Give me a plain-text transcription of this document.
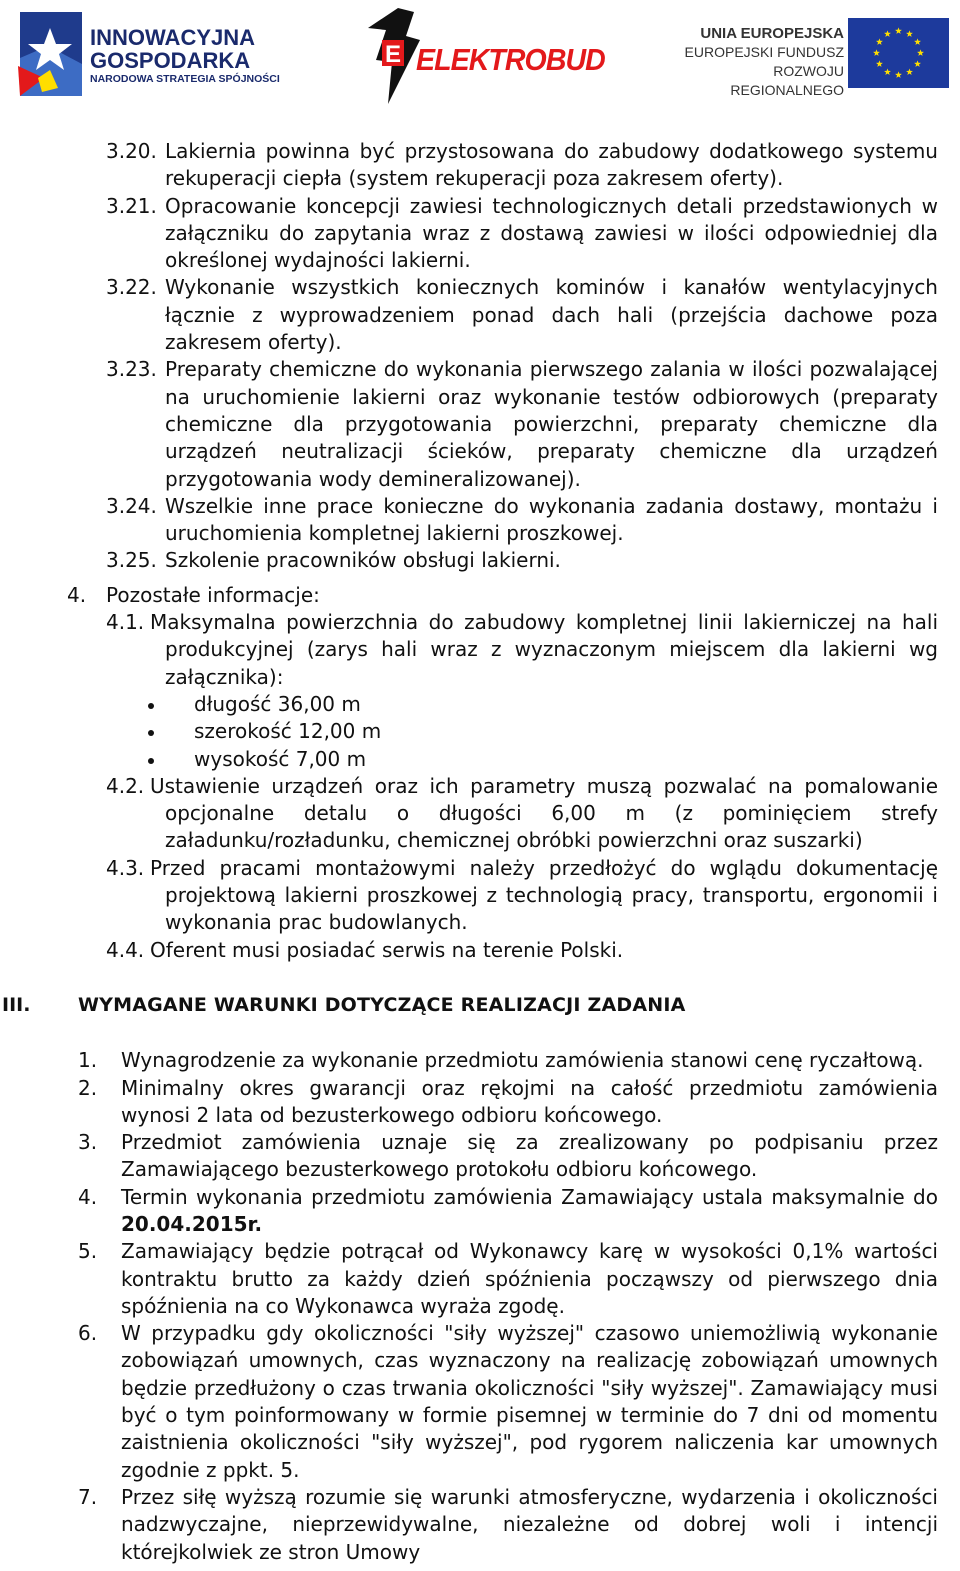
INNOWACYJNA
GOSPODARKA
NARODOWA STRATEGIA SPÓJNOŚCI
E ELEKTROBUD
UNIA EUROPEJSKA
EUROPEJSKI FUNDUSZ
ROZWOJU REGIONALNEGO
3.20. Lakiernia powinna być przystosowana do zabudowy dodatkowego systemu rekuperacji ciepła (system rekuperacji poza zakresem oferty).
3.21. Opracowanie koncepcji zawiesi technologicznych detali przedstawionych w załączniku do zapytania wraz z dostawą zawiesi w ilości odpowiedniej dla określonej wydajności lakierni.
3.22. Wykonanie wszystkich koniecznych kominów i kanałów wentylacyjnych łącznie z wyprowadzeniem ponad dach hali (przejścia dachowe poza zakresem oferty).
3.23. Preparaty chemiczne do wykonania pierwszego zalania w ilości pozwalającej na uruchomienie lakierni oraz wykonanie testów odbiorowych (preparaty chemiczne dla przygotowania powierzchni, preparaty chemiczne dla urządzeń neutralizacji ścieków, preparaty chemiczne dla urządzeń przygotowania wody demineralizowanej).
3.24. Wszelkie inne prace konieczne do wykonania zadania dostawy, montażu i uruchomienia kompletnej lakierni proszkowej.
3.25. Szkolenie pracowników obsługi lakierni.
4. Pozostałe informacje:
4.1. Maksymalna powierzchnia do zabudowy kompletnej linii lakierniczej na hali produkcyjnej (zarys hali wraz z wyznaczonym miejscem dla lakierni wg załącznika):
długość 36,00 m
szerokość 12,00 m
wysokość 7,00 m
4.2. Ustawienie urządzeń oraz ich parametry muszą pozwalać na pomalowanie opcjonalne detalu o długości 6,00 m (z pominięciem strefy załadunku/rozładunku, chemicznej obróbki powierzchni oraz suszarki)
4.3. Przed pracami montażowymi należy przedłożyć do wglądu dokumentację projektową lakierni proszkowej z technologią pracy, transportu, ergonomii i wykonania prac budowlanych.
4.4. Oferent musi posiadać serwis na terenie Polski.
III.	WYMAGANE WARUNKI DOTYCZĄCE REALIZACJI ZADANIA
1. Wynagrodzenie za wykonanie przedmiotu zamówienia stanowi cenę ryczałtową.
2. Minimalny okres gwarancji oraz rękojmi na całość przedmiotu zamówienia wynosi 2 lata od bezusterkowego odbioru końcowego.
3. Przedmiot zamówienia uznaje się za zrealizowany po podpisaniu przez Zamawiającego bezusterkowego protokołu odbioru końcowego.
4. Termin wykonania przedmiotu zamówienia Zamawiający ustala maksymalnie do 20.04.2015r.
5. Zamawiający będzie potrącał od Wykonawcy karę w wysokości 0,1% wartości kontraktu brutto za każdy dzień spóźnienia począwszy od pierwszego dnia spóźnienia na co Wykonawca wyraża zgodę.
6. W przypadku gdy okoliczności "siły wyższej" czasowo uniemożliwią wykonanie zobowiązań umownych, czas wyznaczony na realizację zobowiązań umownych będzie przedłużony o czas trwania okoliczności "siły wyższej". Zamawiający musi być o tym poinformowany w formie pisemnej w terminie do 7 dni od momentu zaistnienia okoliczności "siły wyższej", pod rygorem naliczenia kar umownych zgodnie z ppkt. 5.
7. Przez siłę wyższą rozumie się warunki atmosferyczne, wydarzenia i okoliczności nadzwyczajne, nieprzewidywalne, niezależne od dobrej woli i intencji którejkolwiek ze stron Umowy
